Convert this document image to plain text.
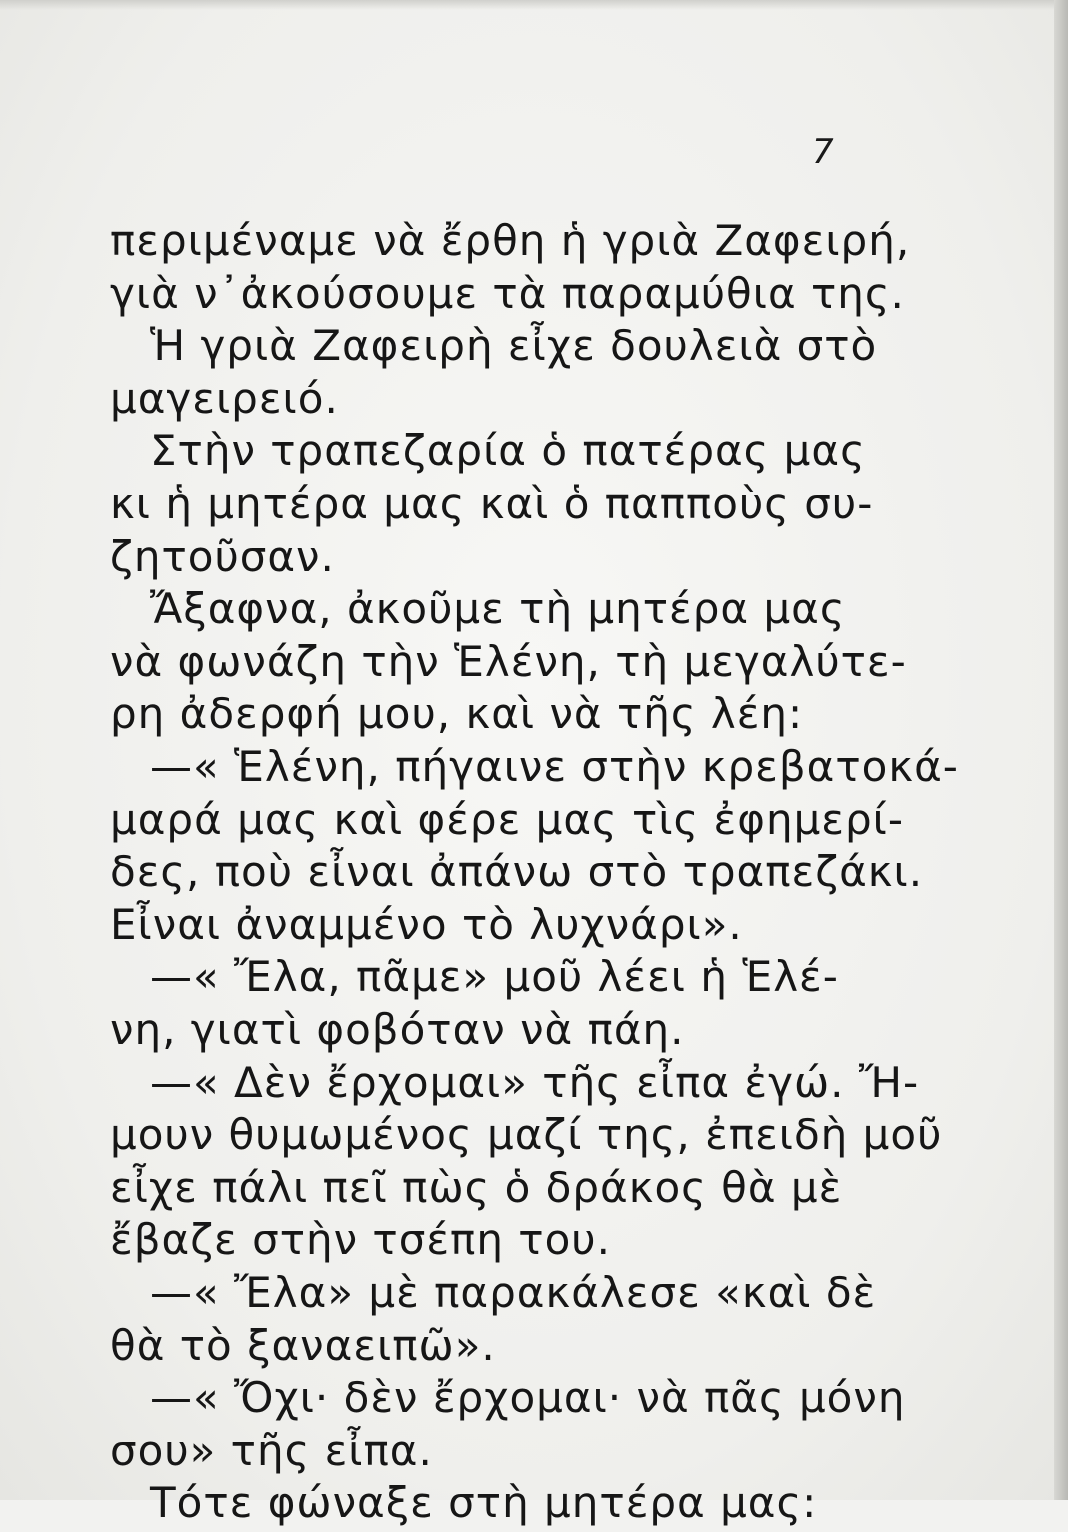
7
περιμέναμε νὰ ἔρθη ἡ γριὰ Ζαφειρή,
γιὰ ν᾽ἀκούσουμε τὰ παραμύθια της.
Ἡ γριὰ Ζαφειρὴ εἶχε δουλειὰ στὸ
μαγειρειό.
Στὴν τραπεζαρία ὁ πατέρας μας
κι ἡ μητέρα μας καὶ ὁ παπποὺς συ-
ζητοῦσαν.
Ἄξαφνα, ἀκοῦμε τὴ μητέρα μας
νὰ φωνάζη τὴν Ἑλένη, τὴ μεγαλύτε-
ρη ἀδερφή μου, καὶ νὰ τῆς λέη:
—« Ἑλένη, πήγαινε στὴν κρεβατοκά-
μαρά μας καὶ φέρε μας τὶς ἐφημερί-
δες, ποὺ εἶναι ἀπάνω στὸ τραπεζάκι.
Εἶναι ἀναμμένο τὸ λυχνάρι».
—« Ἔλα, πᾶμε» μοῦ λέει ἡ Ἑλέ-
νη, γιατὶ φοβόταν νὰ πάη.
—« Δὲν ἔρχομαι» τῆς εἶπα ἐγώ. Ἤ-
μουν θυμωμένος μαζί της, ἐπειδὴ μοῦ
εἶχε πάλι πεῖ πὼς ὁ δράκος θὰ μὲ
ἔβαζε στὴν τσέπη του.
—« Ἔλα» μὲ παρακάλεσε «καὶ δὲ
θὰ τὸ ξαναειπῶ».
—« Ὄχι· δὲν ἔρχομαι· νὰ πᾶς μόνη
σου» τῆς εἶπα.
Τότε φώναξε στὴ μητέρα μας:
